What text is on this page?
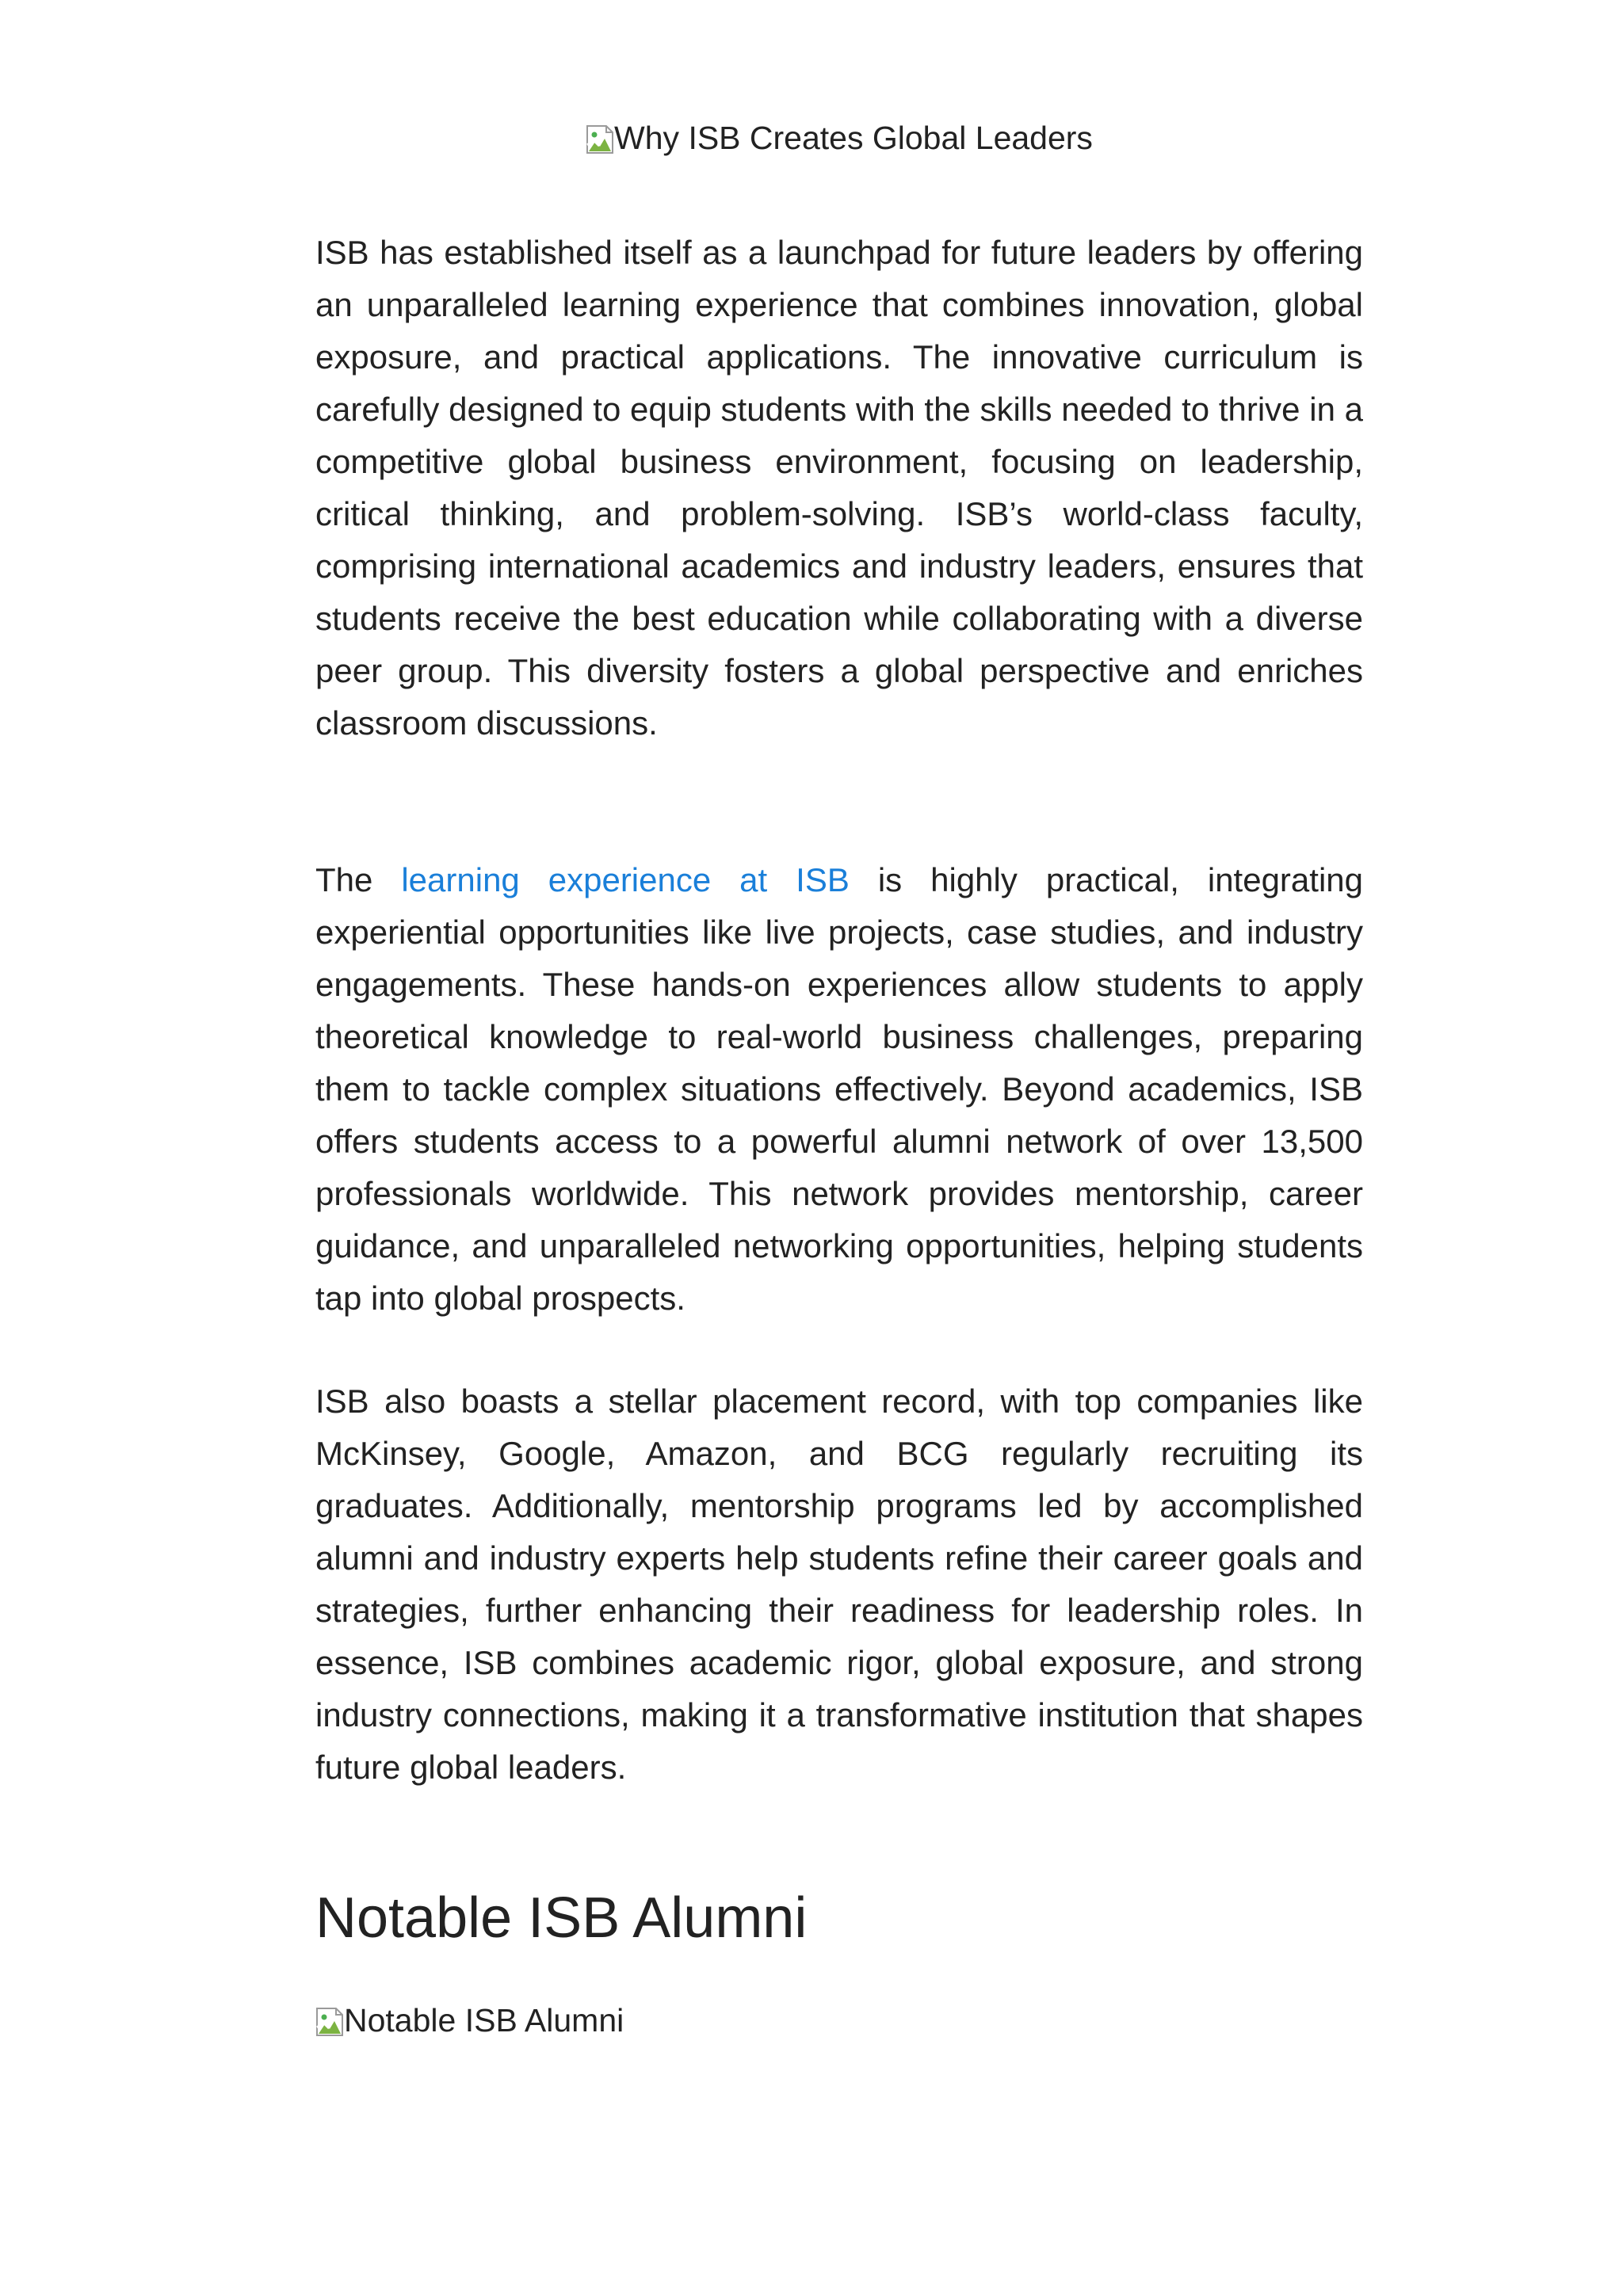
Why ISB Creates Global Leaders

ISB has established itself as a launchpad for future leaders by offering an unparalleled learning experience that combines innovation, global exposure, and practical applications. The innovative curriculum is carefully designed to equip students with the skills needed to thrive in a competitive global business environment, focusing on leadership, critical thinking, and problem-solving. ISB’s world-class faculty, comprising international academics and industry leaders, ensures that students receive the best education while collaborating with a diverse peer group. This diversity fosters a global perspective and enriches classroom discussions.

The learning experience at ISB is highly practical, integrating experiential opportunities like live projects, case studies, and industry engagements. These hands-on experiences allow students to apply theoretical knowledge to real-world business challenges, preparing them to tackle complex situations effectively. Beyond academics, ISB offers students access to a powerful alumni network of over 13,500 professionals worldwide. This network provides mentorship, career guidance, and unparalleled networking opportunities, helping students tap into global prospects.

ISB also boasts a stellar placement record, with top companies like McKinsey, Google, Amazon, and BCG regularly recruiting its graduates. Additionally, mentorship programs led by accomplished alumni and industry experts help students refine their career goals and strategies, further enhancing their readiness for leadership roles. In essence, ISB combines academic rigor, global exposure, and strong industry connections, making it a transformative institution that shapes future global leaders.

Notable ISB Alumni
Notable ISB Alumni
